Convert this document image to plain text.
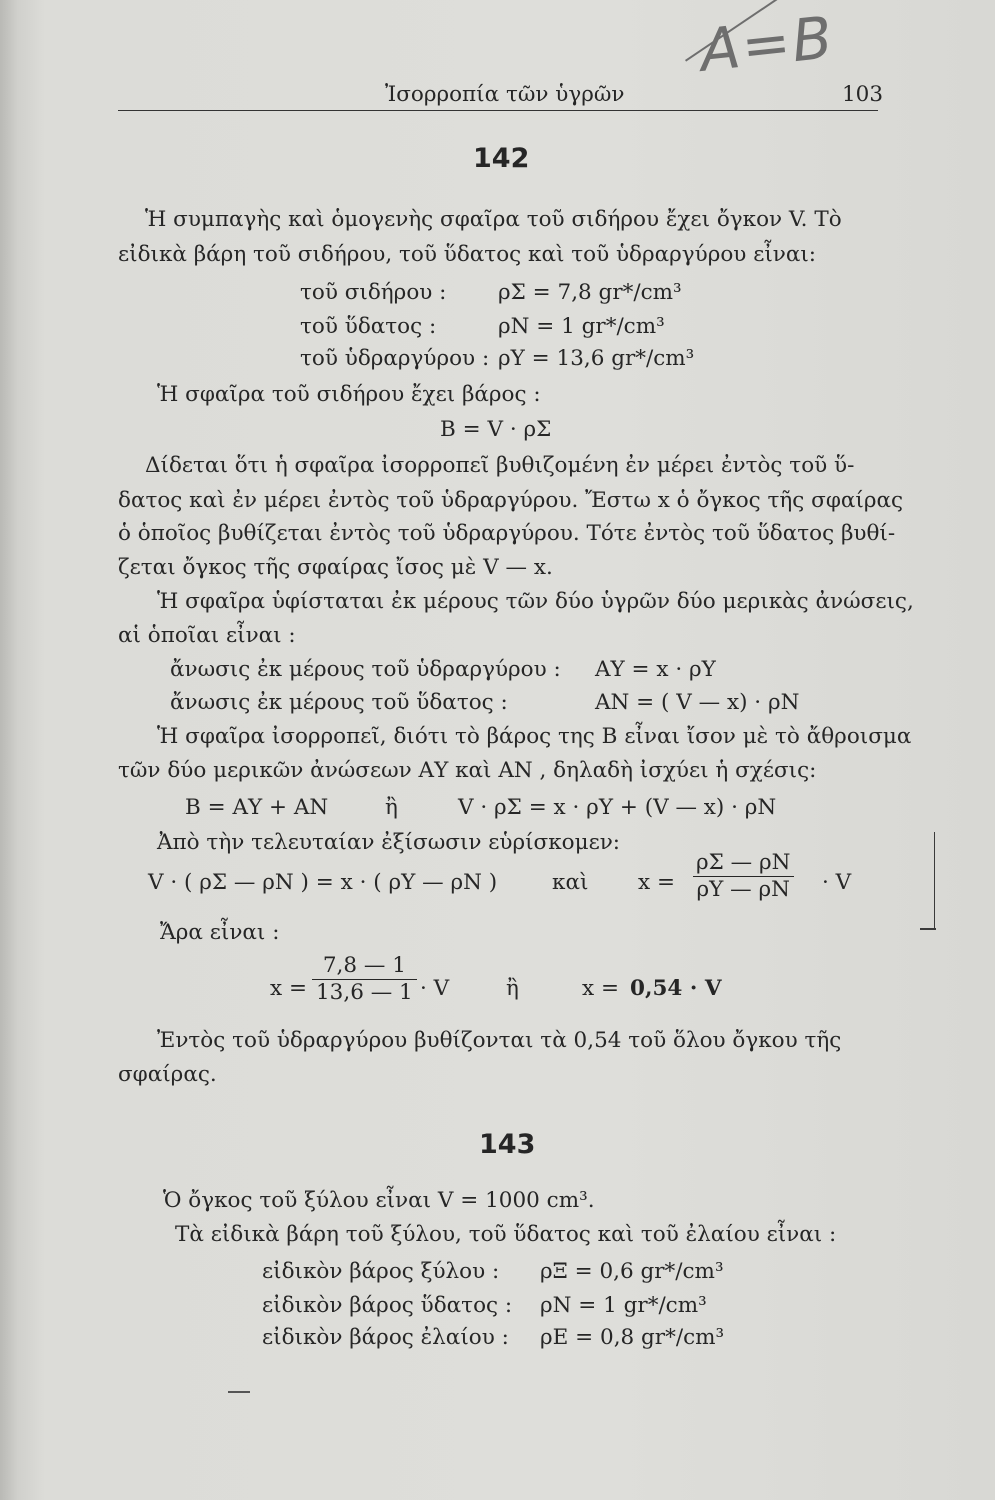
A=B
Ἰσορροπία τῶν ὑγρῶν	103
142
Ἡ συμπαγὴς καὶ ὁμογενὴς σφαῖρα τοῦ σιδήρου ἔχει ὄγκον V. Τὸ
εἰδικὰ βάρη τοῦ σιδήρου, τοῦ ὕδατος καὶ τοῦ ὑδραργύρου εἶναι:
τοῦ σιδήρου : ρΣ = 7,8 gr*/cm³
τοῦ ὕδατος :	ρN = 1 gr*/cm³
τοῦ ὑδραργύρου : ρΥ = 13,6 gr*/cm³
Ἡ σφαῖρα τοῦ σιδήρου ἔχει βάρος :
B = V · ρΣ
Δίδεται ὅτι ἡ σφαῖρα ἰσορροπεῖ βυθιζομένη ἐν μέρει ἐντὸς τοῦ ὕ-
δατος καὶ ἐν μέρει ἐντὸς τοῦ ὑδραργύρου. Ἔστω x ὁ ὄγκος τῆς σφαίρας
ὁ ὁποῖος βυθίζεται ἐντὸς τοῦ ὑδραργύρου. Τότε ἐντὸς τοῦ ὕδατος βυθί-
ζεται ὄγκος τῆς σφαίρας ἴσος μὲ V — x.
Ἡ σφαῖρα ὑφίσταται ἐκ μέρους τῶν δύο ὑγρῶν δύο μερικὰς ἀνώσεις,
αἱ ὁποῖαι εἶναι :
ἄνωσις ἐκ μέρους τοῦ ὑδραργύρου : AΥ = x · ρΥ
ἄνωσις ἐκ μέρους τοῦ ὕδατος :	AN = ( V — x) · ρN
Ἡ σφαῖρα ἰσορροπεῖ, διότι τὸ βάρος της B εἶναι ἴσον μὲ τὸ ἄθροισμα
τῶν δύο μερικῶν ἀνώσεων AΥ καὶ AN , δηλαδὴ ἰσχύει ἡ σχέσις:
B = AΥ + AN	ἢ	V · ρΣ = x · ρΥ + (V — x) · ρN
Ἀπὸ τὴν τελευταίαν ἐξίσωσιν εὑρίσκομεν:
V · ( ρΣ — ρN ) = x · ( ρΥ — ρN )	καὶ $x = \frac{\rho\Sigma — \rho N}{\rho\Upsilon — \rho N} \cdot V$
Ἄρα εἶναι :
$x = \frac{7,8 — 1}{13,6 — 1} \cdot V$	ἢ	x = 0,54 · V
Ἐντὸς τοῦ ὑδραργύρου βυθίζονται τὰ 0,54 τοῦ ὅλου ὄγκου τῆς
σφαίρας.
143
Ὁ ὄγκος τοῦ ξύλου εἶναι V = 1000 cm³.
Τὰ εἰδικὰ βάρη τοῦ ξύλου, τοῦ ὕδατος καὶ τοῦ ἐλαίου εἶναι :
εἰδικὸν βάρος ξύλου : ρΞ = 0,6 gr*/cm³
εἰδικὸν βάρος ὕδατος : ρN = 1 gr*/cm³
εἰδικὸν βάρος ἐλαίου : ρE = 0,8 gr*/cm³
